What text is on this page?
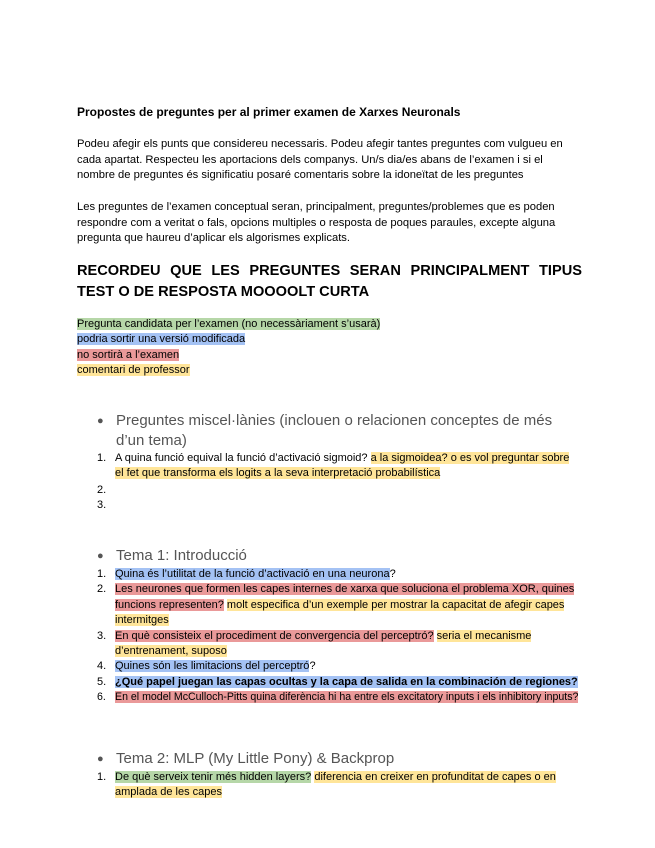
Propostes de preguntes per al primer examen de Xarxes Neuronals
Podeu afegir els punts que considereu necessaris. Podeu afegir tantes preguntes com vulgueu en cada apartat. Respecteu les aportacions dels companys. Un/s dia/es abans de l’examen i si el nombre de preguntes és significatiu posaré comentaris sobre la idoneïtat de les preguntes
Les preguntes de l’examen conceptual seran, principalment, preguntes/problemes que es poden respondre com a veritat o fals, opcions multiples o resposta de poques paraules, excepte alguna pregunta que haureu d’aplicar els algorismes explicats.
RECORDEU QUE LES PREGUNTES SERAN PRINCIPALMENT TIPUS TEST O DE RESPOSTA MOOOOLT CURTA
Pregunta candidata per l’examen (no necessàriament s’usarà)
podria sortir una versió modificada
no sortirà a l’examen
comentari de professor
● Preguntes miscel·lànies (inclouen o relacionen conceptes de més d’un tema)
1. A quina funció equival la funció d’activació sigmoid? a la sigmoidea? o es vol preguntar sobre el fet que transforma els logits a la seva interpretació probabilística
2.

3.

● Tema 1: Introducció
1. Quina és l’utilitat de la funció d’activació en una neurona?
2. Les neurones que formen les capes internes de xarxa que soluciona el problema XOR, quines funcions representen? molt especifica d’un exemple per mostrar la capacitat de afegir capes intermitges
3. En què consisteix el procediment de convergencia del perceptró? seria el mecanisme d’entrenament, suposo
4. Quines són les limitacions del perceptró?
5. ¿Qué papel juegan las capas ocultas y la capa de salida en la combinación de regiones?
6. En el model McCulloch-Pitts quina diferència hi ha entre els excitatory inputs i els inhibitory inputs?
● Tema 2: MLP (My Little Pony) & Backprop
1. De què serveix tenir més hidden layers? diferencia en creixer en profunditat de capes o en amplada de les capes
